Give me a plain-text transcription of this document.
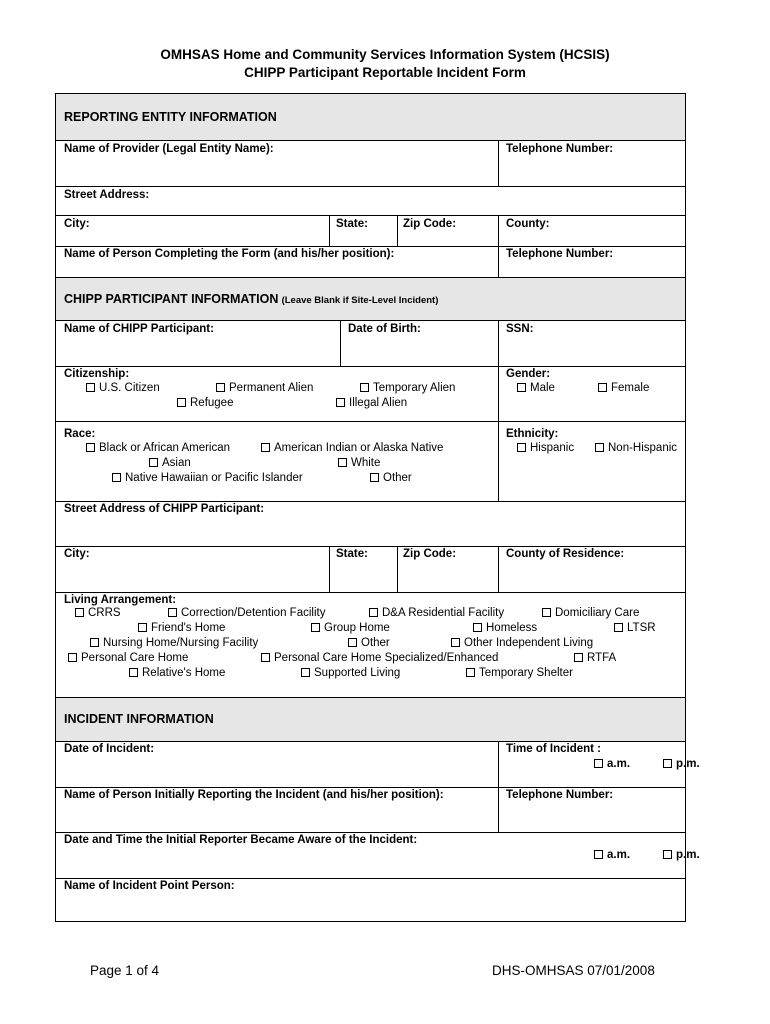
OMHSAS Home and Community Services Information System (HCSIS)
CHIPP Participant Reportable Incident Form
REPORTING ENTITY INFORMATION
Name of Provider (Legal Entity Name):	Telephone Number:
Street Address:
City:	State:	Zip Code:	County:
Name of Person Completing the Form (and his/her position):	Telephone Number:
CHIPP PARTICIPANT INFORMATION (Leave Blank if Site-Level Incident)
Name of CHIPP Participant:	Date of Birth:	SSN:
Citizenship:
U.S. Citizen	Permanent Alien	Temporary Alien
Refugee	Illegal Alien
Gender:
Male	Female
Race:
Black or African American	American Indian or Alaska Native
Asian	White
Native Hawaiian or Pacific Islander	Other
Ethnicity:
Hispanic	Non-Hispanic
Street Address of CHIPP Participant:
City:	State:	Zip Code:	County of Residence:
Living Arrangement:
CRRS	Correction/Detention Facility	D&A Residential Facility	Domiciliary Care
Friend's Home	Group Home	Homeless	LTSR
Nursing Home/Nursing Facility	Other	Other Independent Living
Personal Care Home	Personal Care Home Specialized/Enhanced	RTFA
Relative's Home	Supported Living	Temporary Shelter
INCIDENT INFORMATION
Date of Incident:	Time of Incident :
a.m.	p.m.
Name of Person Initially Reporting the Incident (and his/her position):	Telephone Number:
Date and Time the Initial Reporter Became Aware of the Incident:
a.m.	p.m.
Name of Incident Point Person:
Page 1 of 4	DHS-OMHSAS 07/01/2008
